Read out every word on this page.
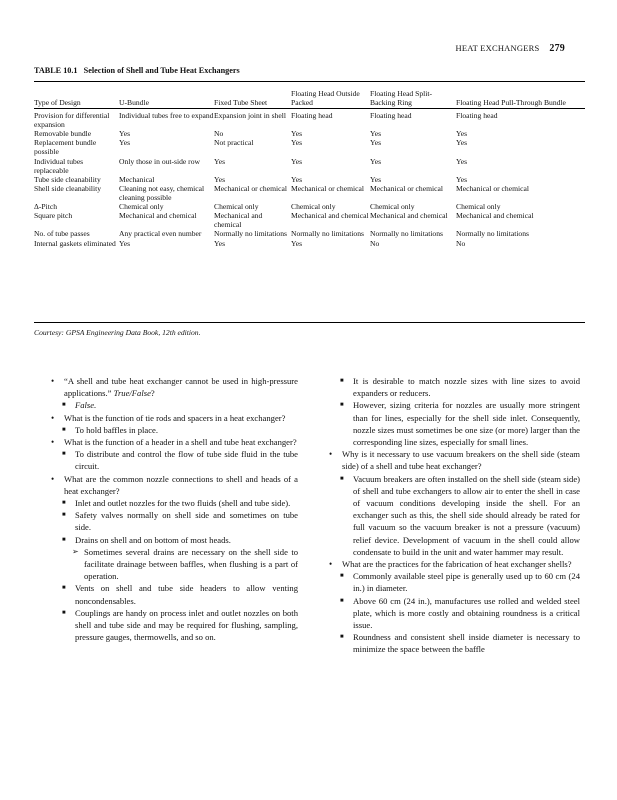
HEAT EXCHANGERS 279
TABLE 10.1 Selection of Shell and Tube Heat Exchangers
Type of Design	U-Bundle	Fixed Tube Sheet	Floating Head Outside Packed	Floating Head Split-Backing Ring	Floating Head Pull-Through Bundle
Provision for differential expansion	Individual tubes free to expand	Expansion joint in shell	Floating head	Floating head	Floating head
Removable bundle	Yes	No	Yes	Yes	Yes
Replacement bundle possible	Yes	Not practical	Yes	Yes	Yes
Individual tubes replaceable	Only those in out-side row	Yes	Yes	Yes	Yes
Tube side cleanability	Mechanical	Yes	Yes	Yes	Yes
Shell side cleanability	Cleaning not easy, chemical cleaning possible	Mechanical or chemical	Mechanical or chemical	Mechanical or chemical	Mechanical or chemical
Δ-Pitch	Chemical only	Chemical only	Chemical only	Chemical only	Chemical only
Square pitch	Mechanical and chemical	Mechanical and chemical	Mechanical and chemical	Mechanical and chemical	Mechanical and chemical
No. of tube passes	Any practical even number	Normally no limitations	Normally no limitations	Normally no limitations	Normally no limitations
Internal gaskets eliminated	Yes	Yes	Yes	No	No
Courtesy: GPSA Engineering Data Book, 12th edition.

• “A shell and tube heat exchanger cannot be used in high-pressure applications.” True/False?

■ False.

• What is the function of tie rods and spacers in a heat exchanger?

■ To hold baffles in place.

• What is the function of a header in a shell and tube heat exchanger?

■ To distribute and control the flow of tube side fluid in the tube circuit.

• What are the common nozzle connections to shell and heads of a heat exchanger?

■ Inlet and outlet nozzles for the two fluids (shell and tube side).

■ Safety valves normally on shell side and sometimes on tube side.

■ Drains on shell and on bottom of most heads.

➢ Sometimes several drains are necessary on the shell side to facilitate drainage between baffles, when flushing is a part of operation.

■ Vents on shell and tube side headers to allow venting noncondensables.

■ Couplings are handy on process inlet and outlet nozzles on both shell and tube side and may be required for flushing, sampling, pressure gauges, thermowells, and so on.

■ It is desirable to match nozzle sizes with line sizes to avoid expanders or reducers.

■ However, sizing criteria for nozzles are usually more stringent than for lines, especially for the shell side inlet. Consequently, nozzle sizes must sometimes be one size (or more) larger than the corresponding line sizes, especially for small lines.

• Why is it necessary to use vacuum breakers on the shell side (steam side) of a shell and tube heat exchanger?

■ Vacuum breakers are often installed on the shell side (steam side) of shell and tube exchangers to allow air to enter the shell in case of vacuum conditions developing inside the shell. For an exchanger such as this, the shell side should already be rated for full vacuum so the vacuum breaker is not a pressure (vacuum) relief device. Development of vacuum in the shell could allow condensate to build in the unit and water hammer may result.

• What are the practices for the fabrication of heat exchanger shells?

■ Commonly available steel pipe is generally used up to 60 cm (24 in.) in diameter.

■ Above 60 cm (24 in.), manufactures use rolled and welded steel plate, which is more costly and obtaining roundness is a critical issue.

■ Roundness and consistent shell inside diameter is necessary to minimize the space between the baffle
